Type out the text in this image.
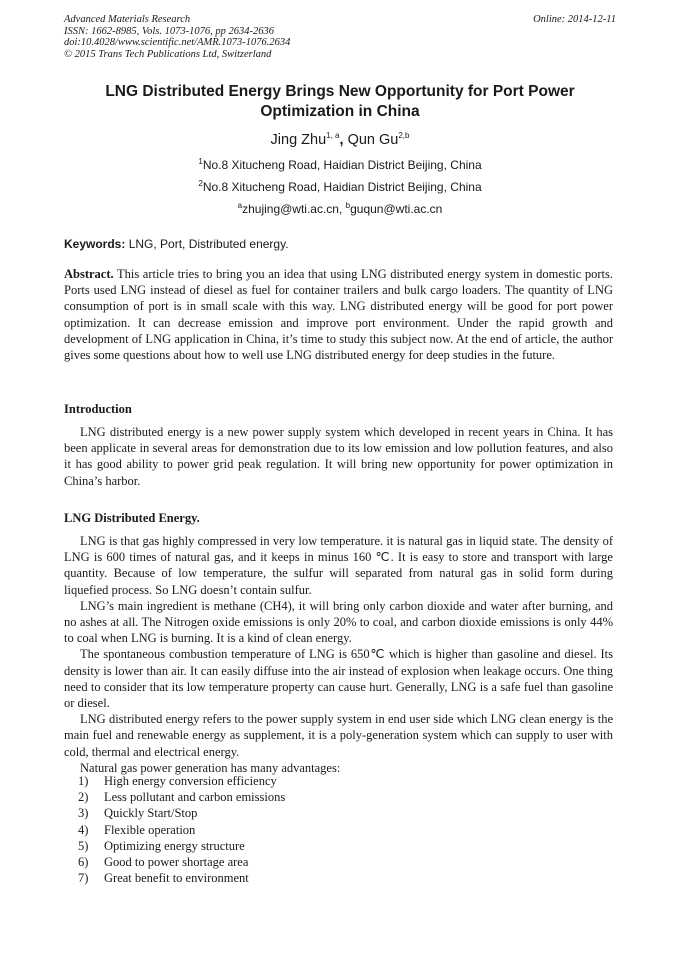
Advanced Materials Research
ISSN: 1662-8985, Vols. 1073-1076, pp 2634-2636
doi:10.4028/www.scientific.net/AMR.1073-1076.2634
© 2015 Trans Tech Publications Ltd, Switzerland
Online: 2014-12-11
LNG Distributed Energy Brings New Opportunity for Port Power
Optimization in China
Jing Zhu$^{1, a}$, Qun Gu$^{2,b}$
$^1$No.8 Xitucheng Road, Haidian District Beijing, China
$^2$No.8 Xitucheng Road, Haidian District Beijing, China
$^a$zhujing@wti.ac.cn, $^b$guqun@wti.ac.cn
Keywords: LNG, Port, Distributed energy.
Abstract. This article tries to bring you an idea that using LNG distributed energy system in domestic ports. Ports used LNG instead of diesel as fuel for container trailers and bulk cargo loaders. The quantity of LNG consumption of port is in small scale with this way. LNG distributed energy will be good for port power optimization. It can decrease emission and improve port environment. Under the rapid growth and development of LNG application in China, it’s time to study this subject now. At the end of article, the author gives some questions about how to well use LNG distributed energy for deep studies in the future.
Introduction

LNG distributed energy is a new power supply system which developed in recent years in China. It has been applicate in several areas for demonstration due to its low emission and low pollution features, and also it has good ability to power grid peak regulation. It will bring new opportunity for power optimization in China’s harbor.

LNG Distributed Energy.

LNG is that gas highly compressed in very low temperature. it is natural gas in liquid state. The density of LNG is 600 times of natural gas, and it keeps in minus 160 ℃. It is easy to store and transport with large quantity. Because of low temperature, the sulfur will separated from natural gas in solid form during liquefied process. So LNG doesn’t contain sulfur.

LNG’s main ingredient is methane (CH4), it will bring only carbon dioxide and water after burning, and no ashes at all. The Nitrogen oxide emissions is only 20% to coal, and carbon dioxide emissions is only 44% to coal when LNG is burning. It is a kind of clean energy.

The spontaneous combustion temperature of LNG is 650℃ which is higher than gasoline and diesel. Its density is lower than air. It can easily diffuse into the air instead of explosion when leakage occurs. One thing need to consider that its low temperature property can cause hurt. Generally, LNG is a safe fuel than gasoline or diesel.

LNG distributed energy refers to the power supply system in end user side which LNG clean energy is the main fuel and renewable energy as supplement, it is a poly-generation system which can supply to user with cold, thermal and electrical energy.

Natural gas power generation has many advantages:

1)	High energy conversion efficiency
2)	Less pollutant and carbon emissions
3)	Quickly Start/Stop
4)	Flexible operation
5)	Optimizing energy structure
6)	Good to power shortage area
7)	Great benefit to environment
